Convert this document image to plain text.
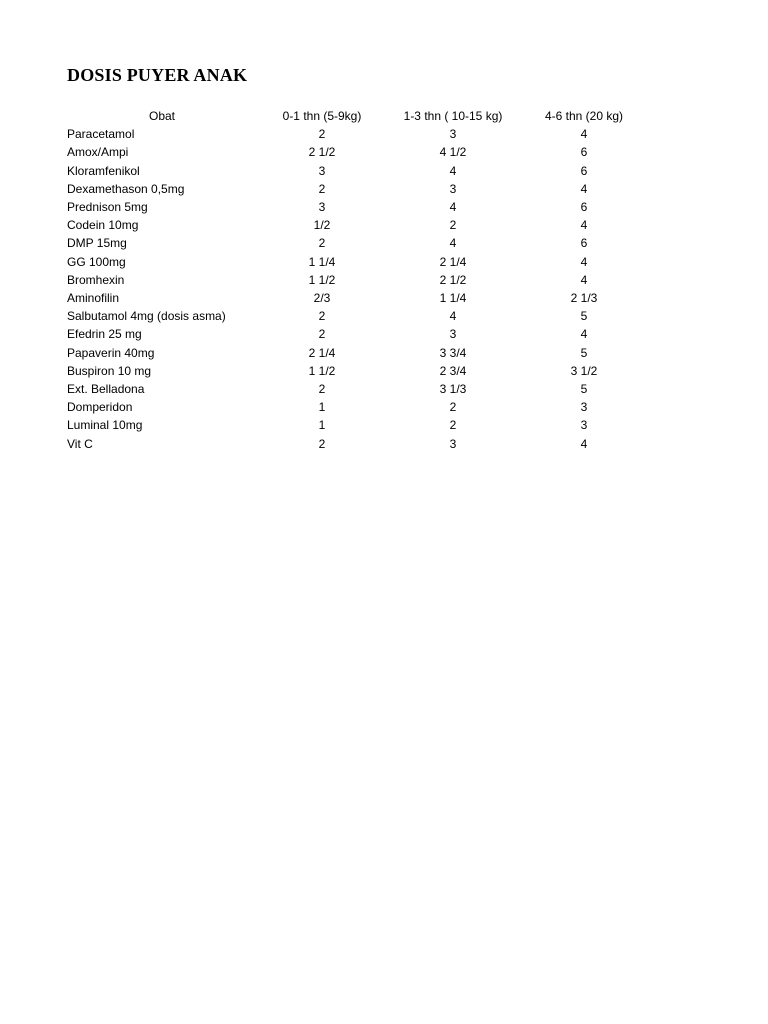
DOSIS PUYER ANAK
Obat	0-1 thn (5-9kg)	1-3 thn ( 10-15 kg)	4-6 thn (20 kg)
Paracetamol	2	3	4
Amox/Ampi	2 1/2	4 1/2	6
Kloramfenikol	3	4	6
Dexamethason 0,5mg	2	3	4
Prednison 5mg	3	4	6
Codein 10mg	1/2	2	4
DMP 15mg	2	4	6
GG 100mg	1 1/4	2 1/4	4
Bromhexin	1 1/2	2 1/2	4
Aminofilin	2/3	1 1/4	2 1/3
Salbutamol 4mg (dosis asma)	2	4	5
Efedrin 25 mg	2	3	4
Papaverin 40mg	2 1/4	3 3/4	5
Buspiron 10 mg	1 1/2	2 3/4	3 1/2
Ext. Belladona	2	3 1/3	5
Domperidon	1	2	3
Luminal 10mg	1	2	3
Vit C	2	3	4
